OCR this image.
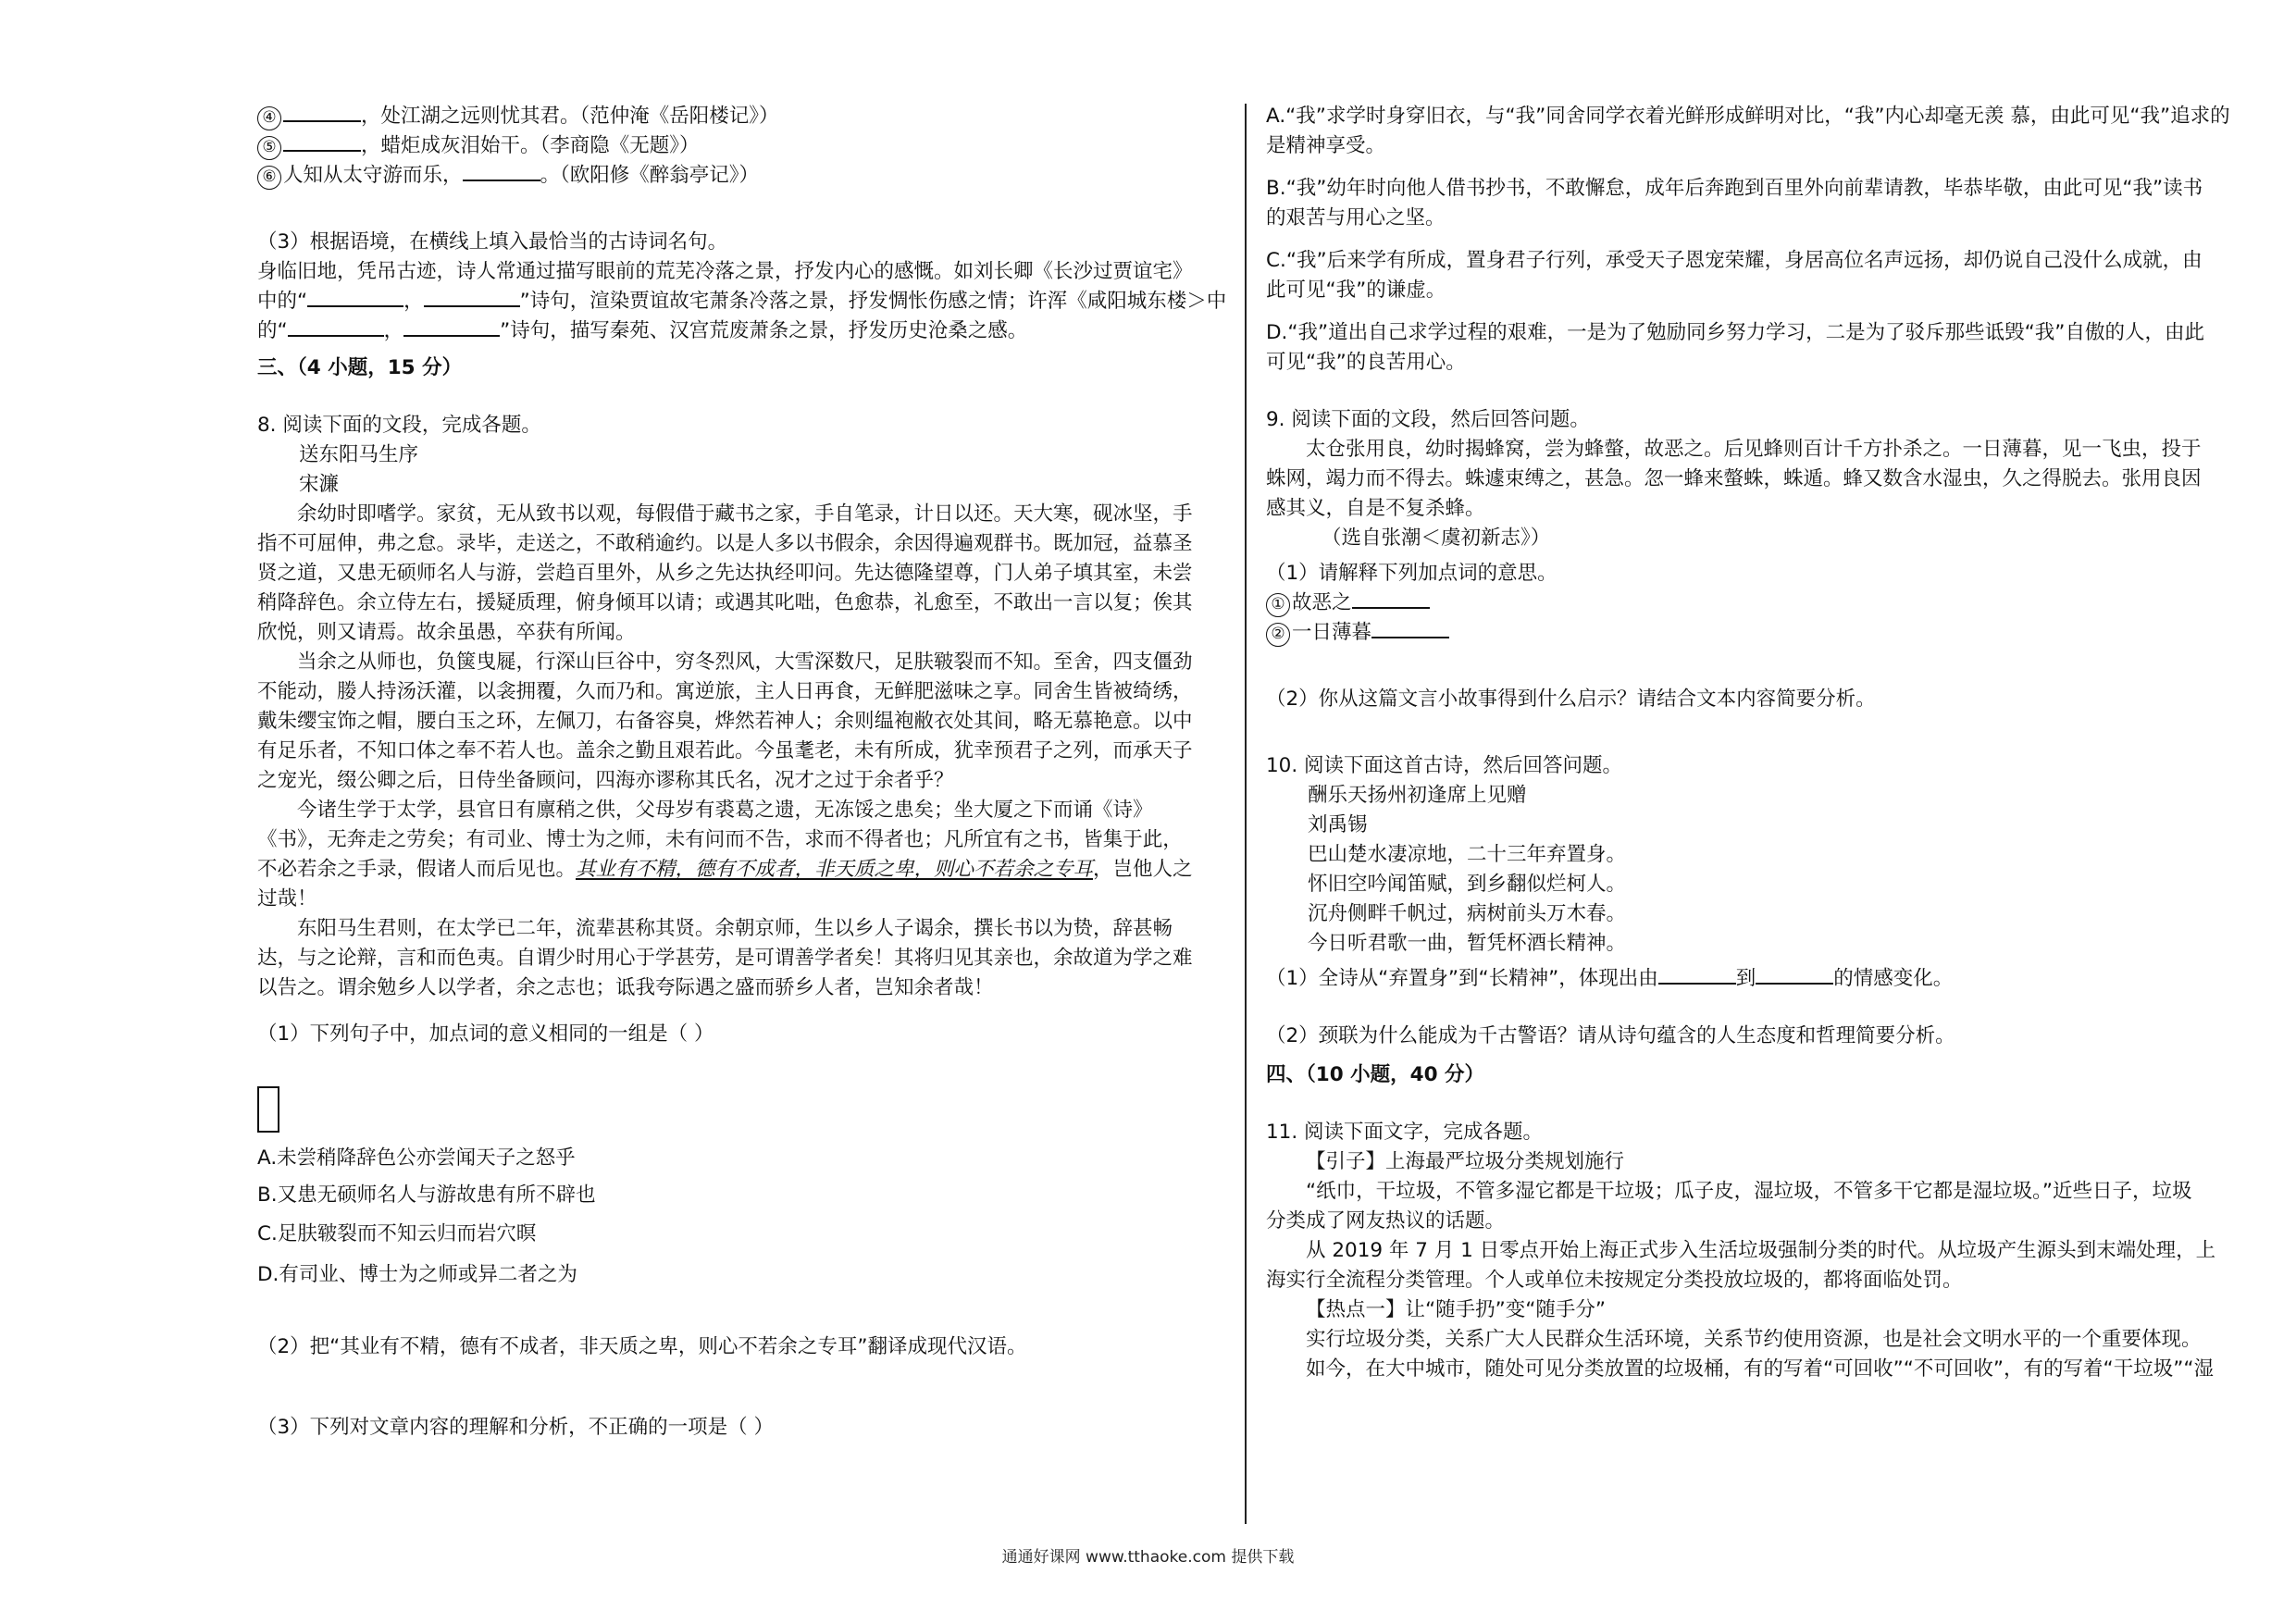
④	，处江湖之远则忧其君。（范仲淹《岳阳楼记》）

⑤	，蜡炬成灰泪始干。（李商隐《无题》）

⑥ 人知从太守游而乐，	。（欧阳修《醉翁亭记》）

（3）根据语境，在横线上填入最恰当的古诗词名句。

身临旧地，凭吊古迹，诗人常通过描写眼前的荒芜冷落之景，抒发内心的感慨。如刘长卿《长沙过贾谊宅》

中的“	，	”诗句，渲染贾谊故宅萧条冷落之景，抒发惆怅伤感之情；许浑《咸阳城东楼＞中

的“	，	”诗句，描写秦苑、汉宫荒废萧条之景，抒发历史沧桑之感。

三、（4 小题，15 分）

8. 阅读下面的文段，完成各题。

送东阳马生序

宋濂

余幼时即嗜学。家贫，无从致书以观，每假借于藏书之家，手自笔录，计日以还。天大寒，砚冰坚，手

指不可屈伸，弗之怠。录毕，走送之，不敢稍逾约。以是人多以书假余，余因得遍观群书。既加冠，益慕圣

贤之道，又患无硕师名人与游，尝趋百里外，从乡之先达执经叩问。先达德隆望尊，门人弟子填其室，未尝

稍降辞色。余立侍左右，援疑质理，俯身倾耳以请；或遇其叱咄，色愈恭，礼愈至，不敢出一言以复；俟其

欣悦，则又请焉。故余虽愚，卒获有所闻。

当余之从师也，负箧曳屣，行深山巨谷中，穷冬烈风，大雪深数尺，足肤皲裂而不知。至舍，四支僵劲

不能动，媵人持汤沃灌，以衾拥覆，久而乃和。寓逆旅，主人日再食，无鲜肥滋味之享。同舍生皆被绮绣，

戴朱缨宝饰之帽，腰白玉之环，左佩刀，右备容臭，烨然若神人；余则缊袍敝衣处其间，略无慕艳意。以中

有足乐者，不知口体之奉不若人也。盖余之勤且艰若此。今虽耄老，未有所成，犹幸预君子之列，而承天子

之宠光，缀公卿之后，日侍坐备顾问，四海亦谬称其氏名，况才之过于余者乎？

今诸生学于太学，县官日有廪稍之供，父母岁有裘葛之遗，无冻馁之患矣；坐大厦之下而诵《诗》

《书》，无奔走之劳矣；有司业、博士为之师，未有问而不告，求而不得者也；凡所宜有之书，皆集于此，

不必若余之手录，假诸人而后见也。其业有不精，德有不成者，非天质之卑，则心不若余之专耳，岂他人之

过哉！

东阳马生君则，在太学已二年，流辈甚称其贤。余朝京师，生以乡人子谒余，撰长书以为贽，辞甚畅

达，与之论辩，言和而色夷。自谓少时用心于学甚劳，是可谓善学者矣！其将归见其亲也，余故道为学之难

以告之。谓余勉乡人以学者，余之志也；诋我夸际遇之盛而骄乡人者，岂知余者哉！

（1）下列句子中，加点词的意义相同的一组是（ ）

A.未尝稍降辞色公亦尝闻天子之怒乎

B.又患无硕师名人与游故患有所不辟也

C.足肤皲裂而不知云归而岩穴暝

D.有司业、博士为之师或异二者之为

（2）把“其业有不精，德有不成者，非天质之卑，则心不若余之专耳”翻译成现代汉语。

（3）下列对文章内容的理解和分析，不正确的一项是（ ）

A.“我”求学时身穿旧衣，与“我”同舍同学衣着光鲜形成鲜明对比，“我”内心却毫无羡 慕，由此可见“我”追求的

是精神享受。

B.“我”幼年时向他人借书抄书，不敢懈怠，成年后奔跑到百里外向前辈请教，毕恭毕敬，由此可见“我”读书

的艰苦与用心之坚。

C.“我”后来学有所成，置身君子行列，承受天子恩宠荣耀，身居高位名声远扬，却仍说自己没什么成就，由

此可见“我”的谦虚。

D.“我”道出自己求学过程的艰难，一是为了勉励同乡努力学习，二是为了驳斥那些诋毁“我”自傲的人，由此

可见“我”的良苦用心。

9. 阅读下面的文段，然后回答问题。

太仓张用良，幼时揭蜂窝，尝为蜂螫，故恶之。后见蜂则百计千方扑杀之。一日薄暮，见一飞虫，投于

蛛网，竭力而不得去。蛛遽束缚之，甚急。忽一蜂来螫蛛，蛛遁。蜂又数含水湿虫，久之得脱去。张用良因

感其义，自是不复杀蜂。

（选自张潮＜虞初新志》）

（1）请解释下列加点词的意思。

① 故恶之

② 一日薄暮

（2）你从这篇文言小故事得到什么启示？请结合文本内容简要分析。

10. 阅读下面这首古诗，然后回答问题。

酬乐天扬州初逢席上见赠

刘禹锡

巴山楚水凄凉地，二十三年弃置身。

怀旧空吟闻笛赋，到乡翻似烂柯人。

沉舟侧畔千帆过，病树前头万木春。

今日听君歌一曲，暂凭杯酒长精神。

（1）全诗从“弃置身”到“长精神”，体现出由	到	的情感变化。

（2）颈联为什么能成为千古警语？请从诗句蕴含的人生态度和哲理简要分析。

四、（10 小题，40 分）

11. 阅读下面文字，完成各题。

【引子】上海最严垃圾分类规划施行

“纸巾，干垃圾，不管多湿它都是干垃圾；瓜子皮，湿垃圾，不管多干它都是湿垃圾。”近些日子，垃圾

分类成了网友热议的话题。

从 2019 年 7 月 1 日零点开始上海正式步入生活垃圾强制分类的时代。从垃圾产生源头到末端处理，上

海实行全流程分类管理。个人或单位未按规定分类投放垃圾的，都将面临处罚。

【热点一】让“随手扔”变“随手分”

实行垃圾分类，关系广大人民群众生活环境，关系节约使用资源，也是社会文明水平的一个重要体现。

如今，在大中城市，随处可见分类放置的垃圾桶，有的写着“可回收”“不可回收”，有的写着“干垃圾”“湿

通通好课网 www.tthaoke.com 提供下载
